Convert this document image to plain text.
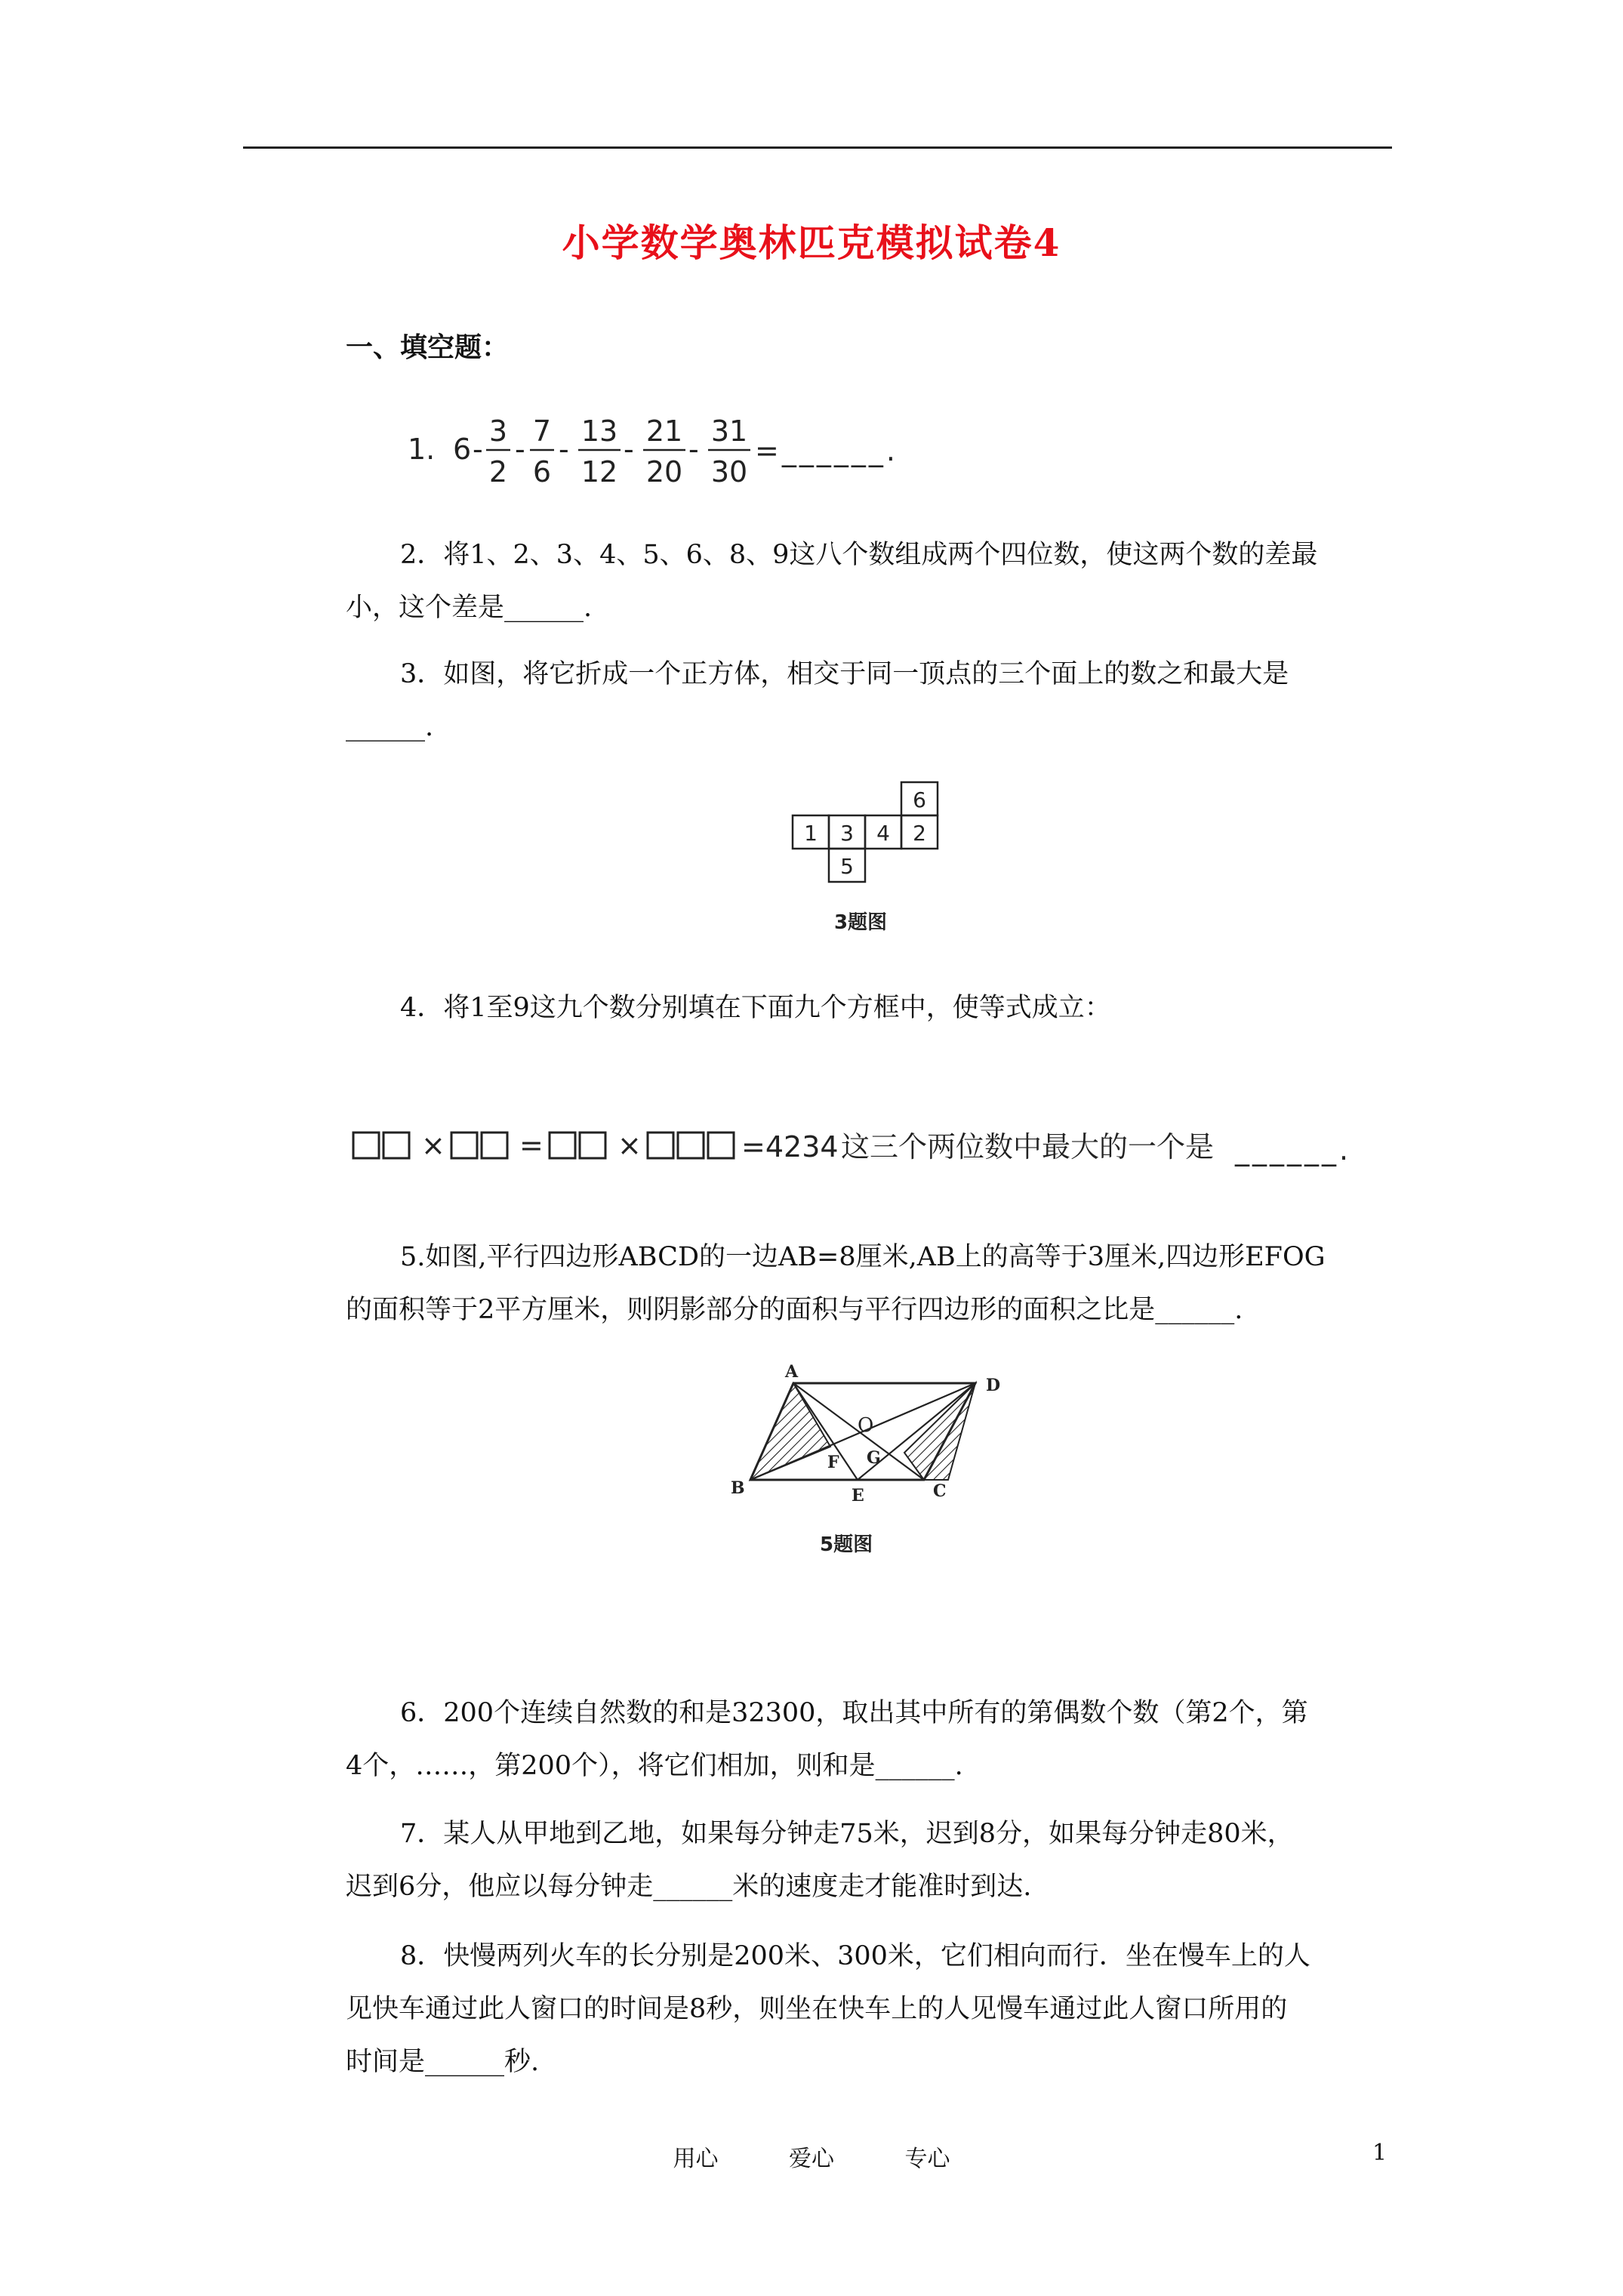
小学数学奥林匹克模拟试卷4
一、填空题：
1. 6 -
3
2
-
7
6
-
13
12
-
21
20
-
31
30
=______.
2．将1、2、3、4、5、6、8、9这八个数组成两个四位数，使这两个数的差最
小，这个差是______.
3．如图，将它折成一个正方体，相交于同一顶点的三个面上的数之和最大是
______.
6
1 3 4 2
5
3题图
4．将1至9这九个数分别填在下面九个方框中，使等式成立：
×	=	×	=4234 这三个两位数中最大的一个是 ______.
5.如图,平行四边形ABCD的一边AB=8厘米,AB上的高等于3厘米,四边形EFOG
的面积等于2平方厘米，则阴影部分的面积与平行四边形的面积之比是______.
A
D
B	C
E
F G
O
5题图
6．200个连续自然数的和是32300，取出其中所有的第偶数个数（第2个，第
4个，……，第200个），将它们相加，则和是______.
7．某人从甲地到乙地，如果每分钟走75米，迟到8分，如果每分钟走80米，
迟到6分，他应以每分钟走______米的速度走才能准时到达.
8．快慢两列火车的长分别是200米、300米，它们相向而行．坐在慢车上的人
见快车通过此人窗口的时间是8秒，则坐在快车上的人见慢车通过此人窗口所用的
时间是______秒.
用心	爱心	专心	1
